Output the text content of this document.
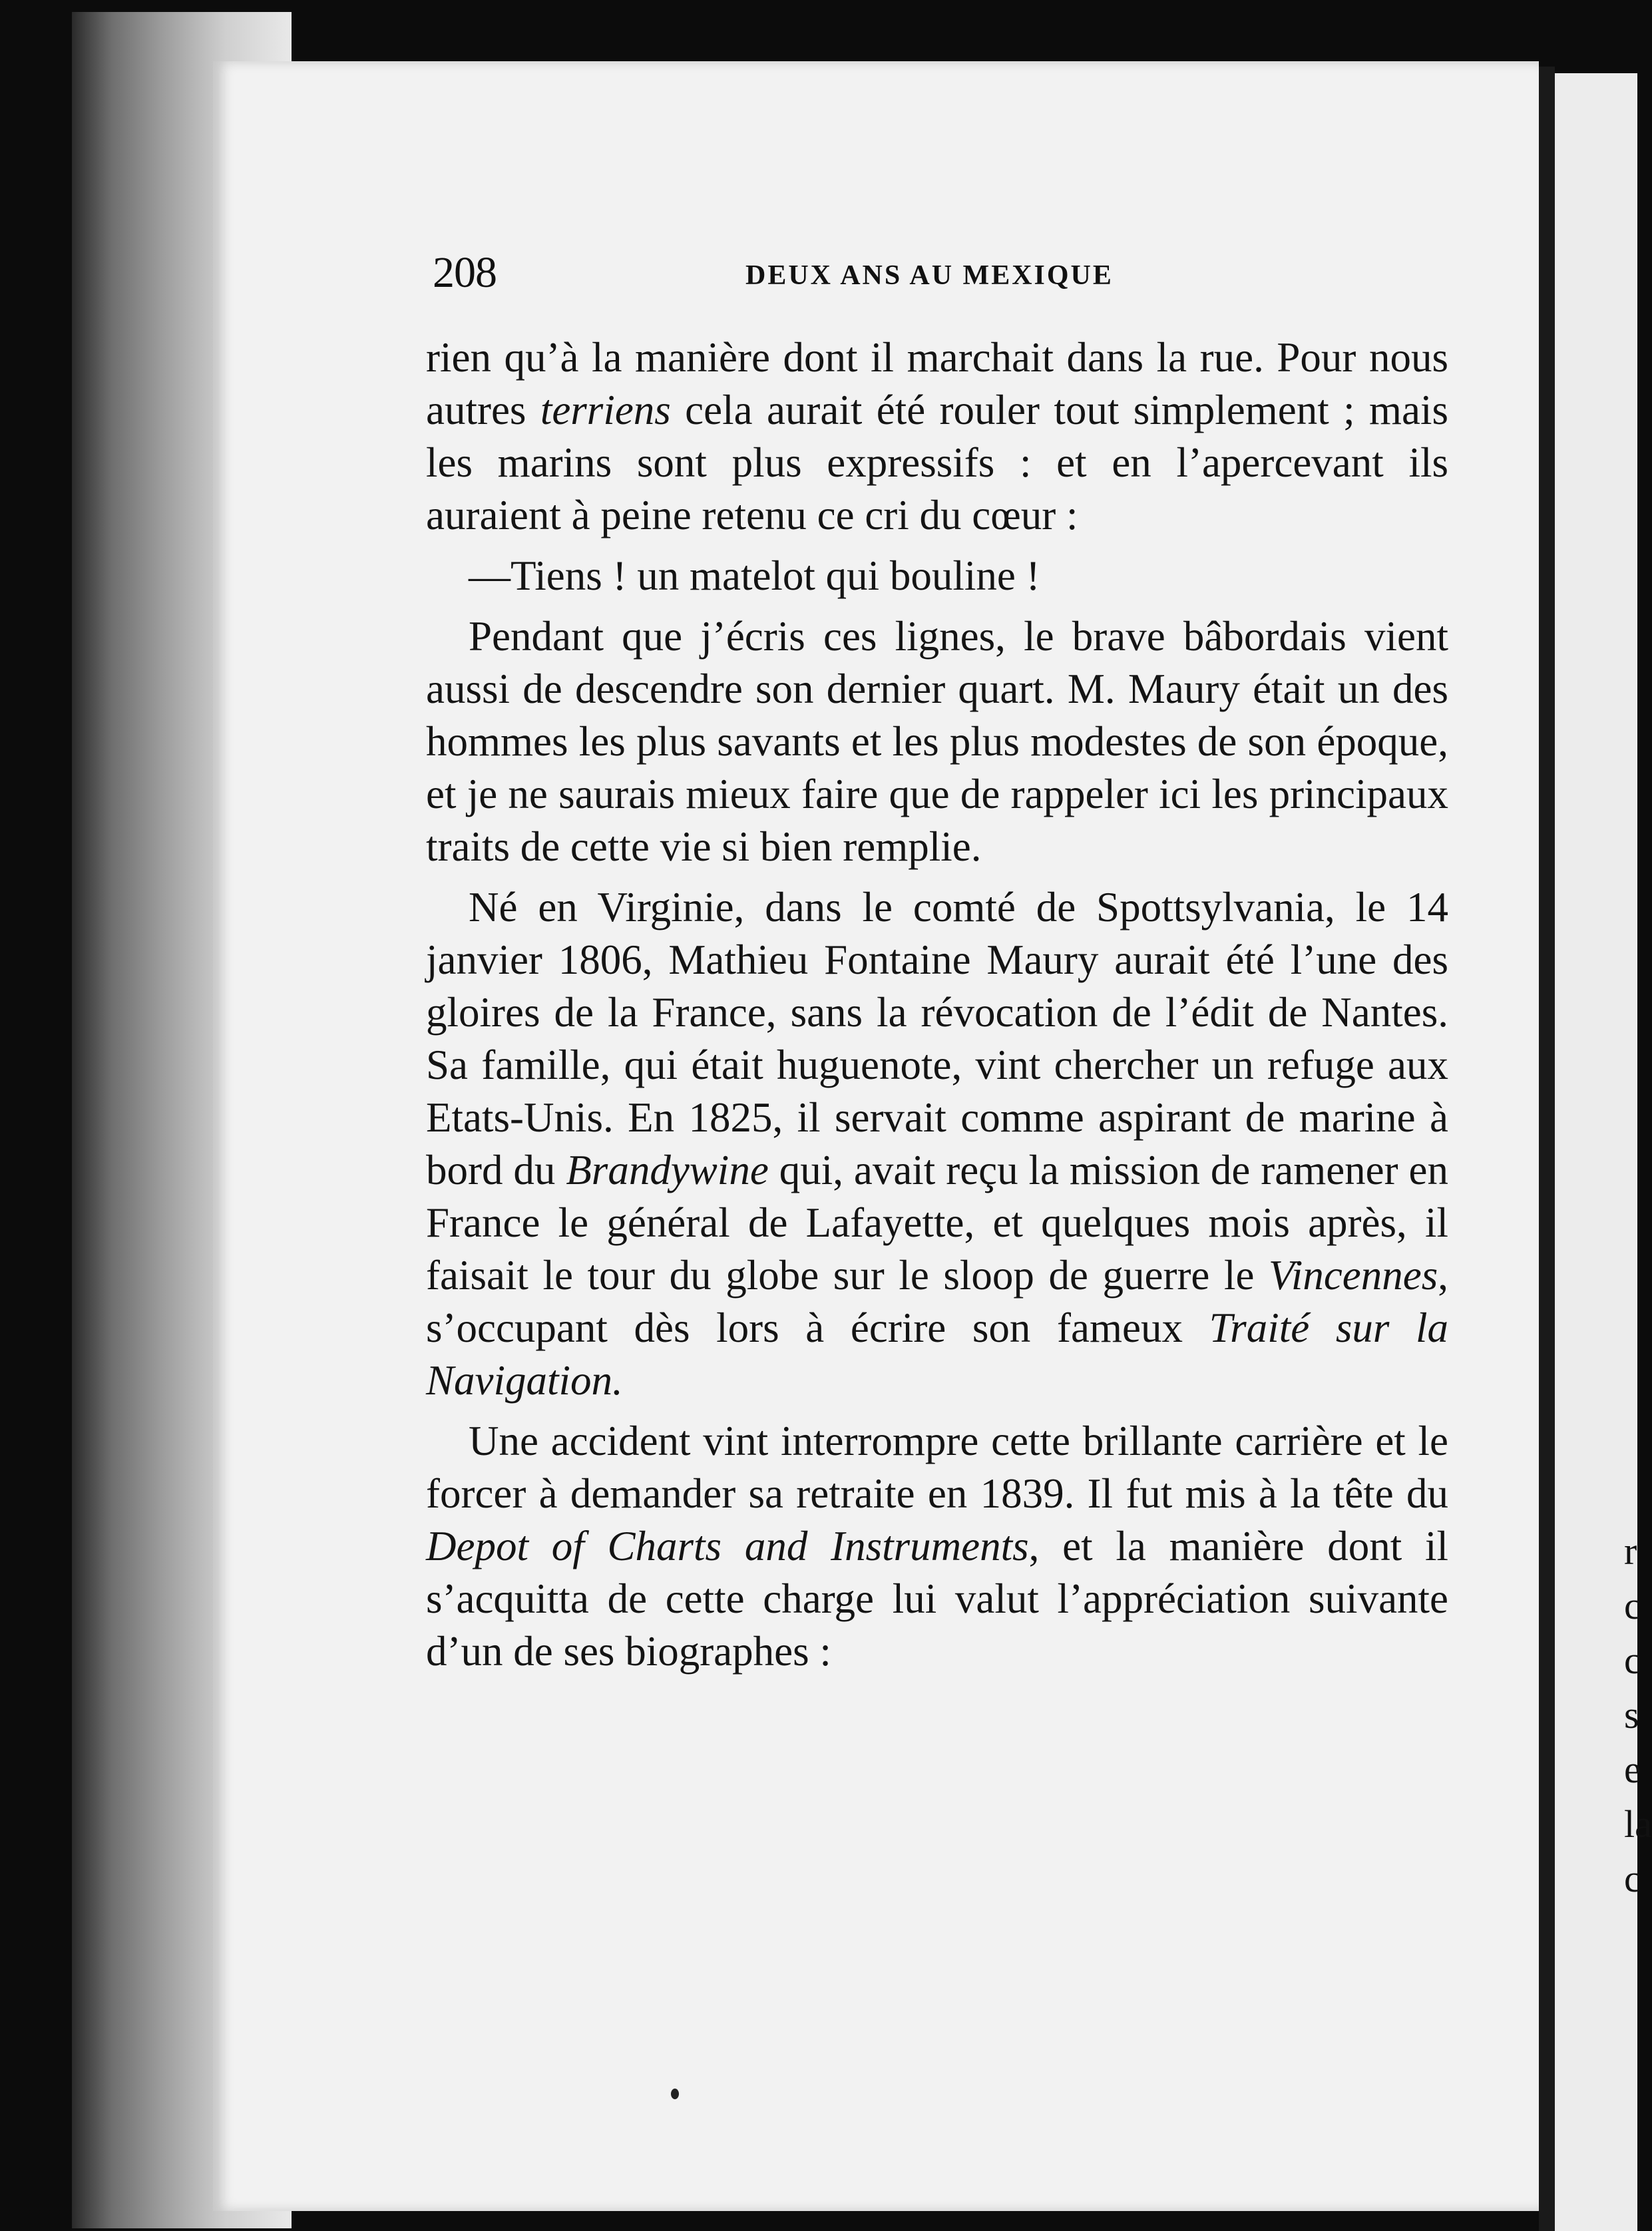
r
c
c
s
e
la
c
208	DEUX ANS AU MEXIQUE

rien qu’à la manière dont il marchait dans la rue. Pour nous autres terriens cela aurait été rouler tout simplement ; mais les marins sont plus expressifs : et en l’apercevant ils auraient à peine retenu ce cri du cœur :

—Tiens ! un matelot qui bouline !

Pendant que j’écris ces lignes, le brave bâbordais vient aussi de descendre son dernier quart. M. Maury était un des hommes les plus savants et les plus modestes de son époque, et je ne saurais mieux faire que de rappeler ici les principaux traits de cette vie si bien remplie.

Né en Virginie, dans le comté de Spottsylvania, le 14 janvier 1806, Mathieu Fontaine Maury aurait été l’une des gloires de la France, sans la révocation de l’édit de Nantes. Sa famille, qui était huguenote, vint chercher un refuge aux Etats-Unis. En 1825, il servait comme aspirant de marine à bord du Brandywine qui, avait reçu la mission de ramener en France le général de Lafayette, et quelques mois après, il faisait le tour du globe sur le sloop de guerre le Vincennes, s’occupant dès lors à écrire son fameux Traité sur la Navigation.

Une accident vint interrompre cette brillante carrière et le forcer à demander sa retraite en 1839. Il fut mis à la tête du Depot of Charts and Instruments, et la manière dont il s’acquitta de cette charge lui valut l’appréciation suivante d’un de ses biographes :
